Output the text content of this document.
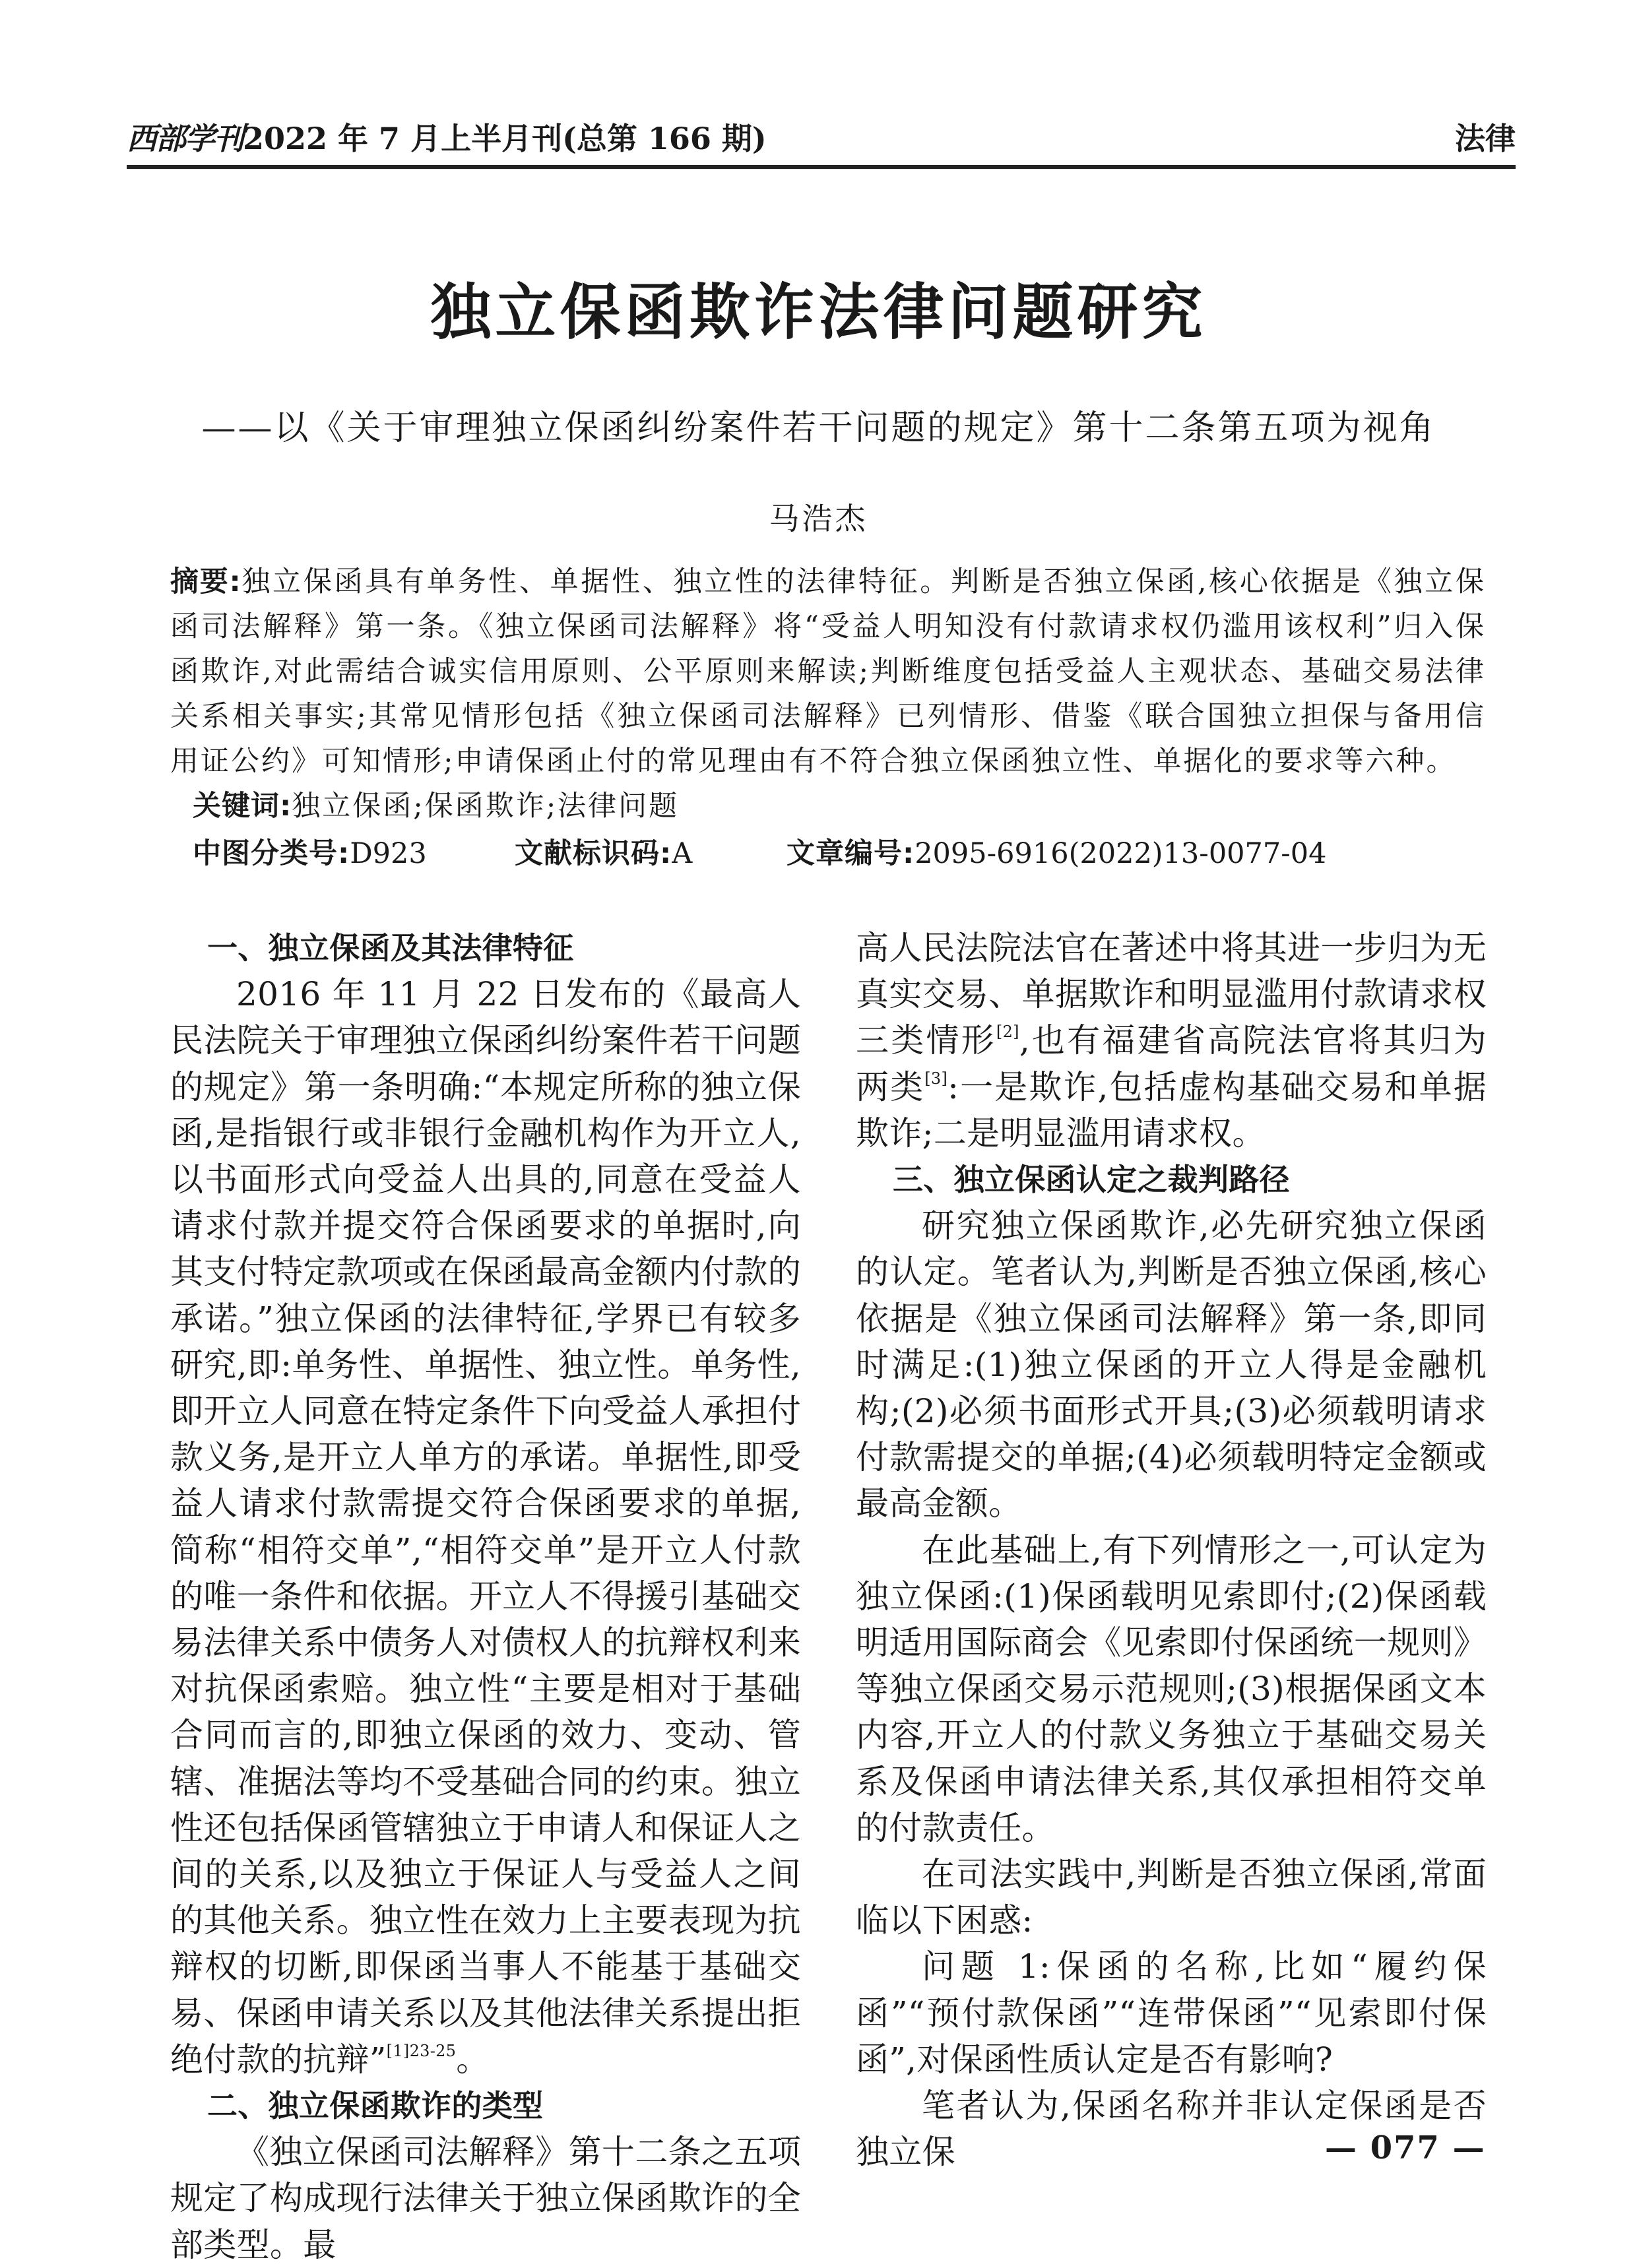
西部学刊 2022 年 7 月上半月刊(总第 166 期)	法律
独立保函欺诈法律问题研究
——以《关于审理独立保函纠纷案件若干问题的规定》第十二条第五项为视角
马浩杰
摘要:独立保函具有单务性、单据性、独立性的法律特征。判断是否独立保函,核心依据是《独立保函司法解释》第一条。《独立保函司法解释》将“受益人明知没有付款请求权仍滥用该权利”归入保函欺诈,对此需结合诚实信用原则、公平原则来解读;判断维度包括受益人主观状态、基础交易法律关系相关事实;其常见情形包括《独立保函司法解释》已列情形、借鉴《联合国独立担保与备用信用证公约》可知情形;申请保函止付的常见理由有不符合独立保函独立性、单据化的要求等六种。
关键词:独立保函;保函欺诈;法律问题
中图分类号:D923	文献标识码:A	文章编号:2095-6916(2022)13-0077-04
一、独立保函及其法律特征

2016 年 11 月 22 日发布的《最高人民法院关于审理独立保函纠纷案件若干问题的规定》第一条明确:“本规定所称的独立保函,是指银行或非银行金融机构作为开立人,以书面形式向受益人出具的,同意在受益人请求付款并提交符合保函要求的单据时,向其支付特定款项或在保函最高金额内付款的承诺。”独立保函的法律特征,学界已有较多研究,即:单务性、单据性、独立性。单务性,即开立人同意在特定条件下向受益人承担付款义务,是开立人单方的承诺。单据性,即受益人请求付款需提交符合保函要求的单据,简称“相符交单”,“相符交单”是开立人付款的唯一条件和依据。开立人不得援引基础交易法律关系中债务人对债权人的抗辩权利来对抗保函索赔。独立性“主要是相对于基础合同而言的,即独立保函的效力、变动、管辖、准据法等均不受基础合同的约束。独立性还包括保函管辖独立于申请人和保证人之间的关系,以及独立于保证人与受益人之间的其他关系。独立性在效力上主要表现为抗辩权的切断,即保函当事人不能基于基础交易、保函申请关系以及其他法律关系提出拒绝付款的抗辩”$^{[1]23-25}$。

二、独立保函欺诈的类型

《独立保函司法解释》第十二条之五项规定了构成现行法律关于独立保函欺诈的全部类型。最

高人民法院法官在著述中将其进一步归为无真实交易、单据欺诈和明显滥用付款请求权三类情形[2],也有福建省高院法官将其归为两类[3]:一是欺诈,包括虚构基础交易和单据欺诈;二是明显滥用请求权。

三、独立保函认定之裁判路径

研究独立保函欺诈,必先研究独立保函的认定。笔者认为,判断是否独立保函,核心依据是《独立保函司法解释》第一条,即同时满足:(1)独立保函的开立人得是金融机构;(2)必须书面形式开具;(3)必须载明请求付款需提交的单据;(4)必须载明特定金额或最高金额。

在此基础上,有下列情形之一,可认定为独立保函:(1)保函载明见索即付;(2)保函载明适用国际商会《见索即付保函统一规则》等独立保函交易示范规则;(3)根据保函文本内容,开立人的付款义务独立于基础交易关系及保函申请法律关系,其仅承担相符交单的付款责任。

在司法实践中,判断是否独立保函,常面临以下困惑:

问题 1:保函的名称,比如“履约保函”“预付款保函”“连带保函”“见索即付保函”,对保函性质认定是否有影响?

笔者认为,保函名称并非认定保函是否独立保	— 077 —
